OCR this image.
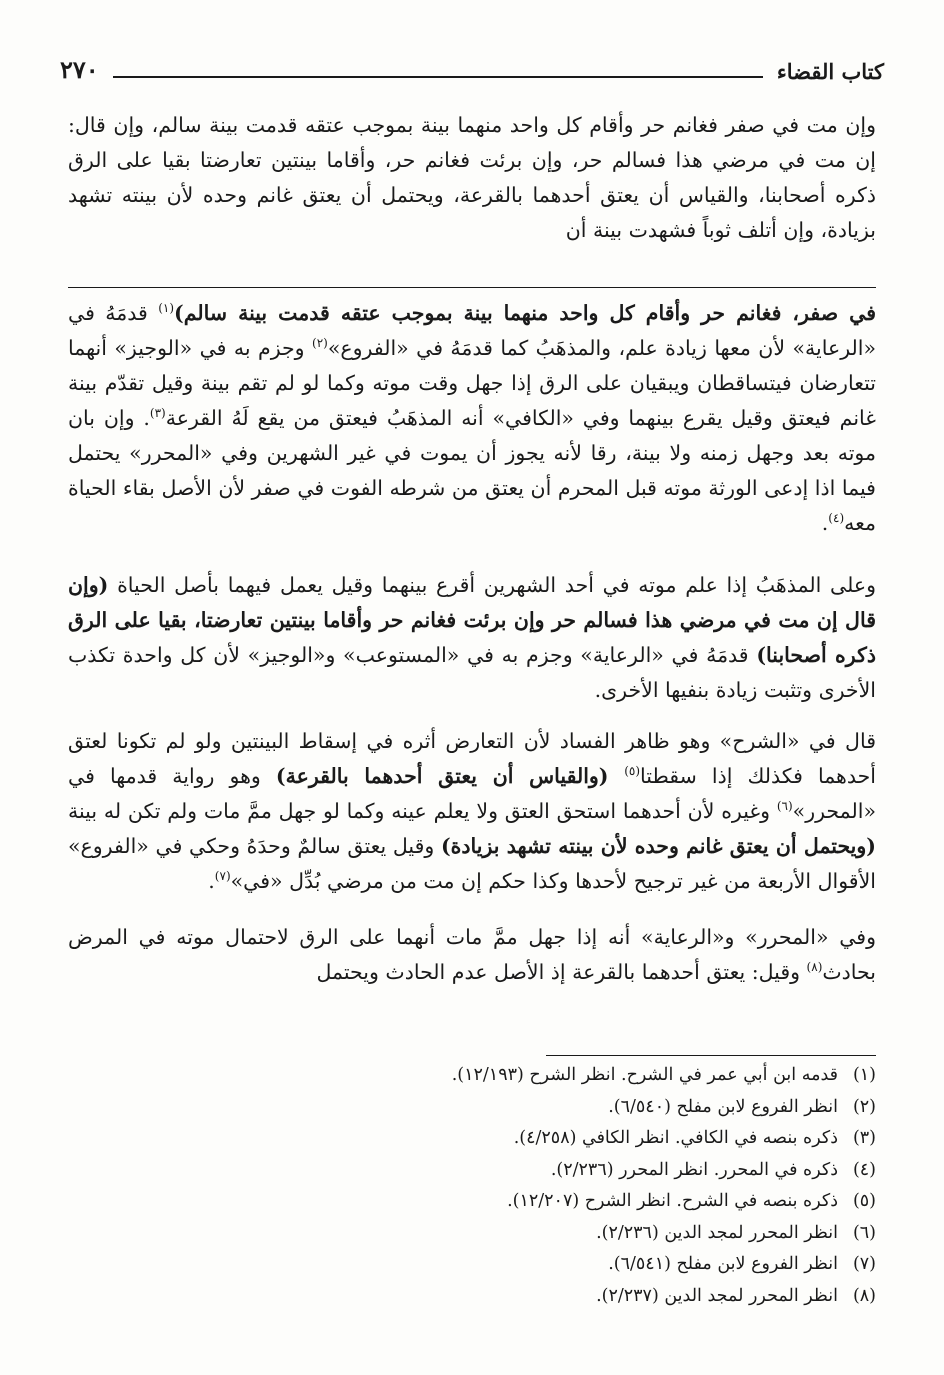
كتاب القضاء
٢٧٠

وإن مت في صفر فغانم حر وأقام كل واحد منهما بينة بموجب عتقه قدمت بينة سالم، وإن قال: إن مت في مرضي هذا فسالم حر، وإن برئت فغانم حر، وأقاما بينتين تعارضتا بقيا على الرق ذكره أصحابنا، والقياس أن يعتق أحدهما بالقرعة، ويحتمل أن يعتق غانم وحده لأن بينته تشهد بزيادة، وإن أتلف ثوباً فشهدت بينة أن

في صفر، فغانم حر وأقام كل واحد منهما بينة بموجب عتقه قدمت بينة سالم)$^{(١)}$ قدمَهُ في «الرعاية» لأن معها زيادة علم، والمذهَبُ كما قدمَهُ في «الفروع»$^{(٢)}$ وجزم به في «الوجيز» أنهما تتعارضان فيتساقطان ويبقيان على الرق إذا جهل وقت موته وكما لو لم تقم بينة وقيل تقدّم بينة غانم فيعتق وقيل يقرع بينهما وفي «الكافي» أنه المذهَبُ فيعتق من يقع لَهُ القرعة$^{(٣)}$. وإن بان موته بعد وجهل زمنه ولا بينة، رقا لأنه يجوز أن يموت في غير الشهرين وفي «المحرر» يحتمل فيما اذا إدعى الورثة موته قبل المحرم أن يعتق من شرطه الفوت في صفر لأن الأصل بقاء الحياة معه$^{(٤)}$.

وعلى المذهَبُ إذا علم موته في أحد الشهرين أقرع بينهما وقيل يعمل فيهما بأصل الحياة (وإن قال إن مت في مرضي هذا فسالم حر وإن برئت فغانم حر وأقاما بينتين تعارضتا، بقيا على الرق ذكره أصحابنا) قدمَهُ في «الرعاية» وجزم به في «المستوعب» و«الوجيز» لأن كل واحدة تكذب الأخرى وتثبت زيادة بنفيها الأخرى.

قال في «الشرح» وهو ظاهر الفساد لأن التعارض أثره في إسقاط البينتين ولو لم تكونا لعتق أحدهما فكذلك إذا سقطتا$^{(٥)}$ (والقياس أن يعتق أحدهما بالقرعة) وهو رواية قدمها في «المحرر»$^{(٦)}$ وغيره لأن أحدهما استحق العتق ولا يعلم عينه وكما لو جهل ممَّ مات ولم تكن له بينة (ويحتمل أن يعتق غانم وحده لأن بينته تشهد بزيادة) وقيل يعتق سالمٌ وحدَهُ وحكي في «الفروع» الأقوال الأربعة من غير ترجيح لأحدها وكذا حكم إن مت من مرضي بُدِّل «في»$^{(٧)}$.

وفي «المحرر» و«الرعاية» أنه إذا جهل ممَّ مات أنهما على الرق لاحتمال موته في المرض بحادث$^{(٨)}$ وقيل: يعتق أحدهما بالقرعة إذ الأصل عدم الحادث ويحتمل

(١)قدمه ابن أبي عمر في الشرح. انظر الشرح (١٢/١٩٣).
(٢)انظر الفروع لابن مفلح (٦/٥٤٠).
(٣)ذكره بنصه في الكافي. انظر الكافي (٤/٢٥٨).
(٤)ذكره في المحرر. انظر المحرر (٢/٢٣٦).
(٥)ذكره بنصه في الشرح. انظر الشرح (١٢/٢٠٧).
(٦)انظر المحرر لمجد الدين (٢/٢٣٦).
(٧)انظر الفروع لابن مفلح (٦/٥٤١).
(٨)انظر المحرر لمجد الدين (٢/٢٣٧).
